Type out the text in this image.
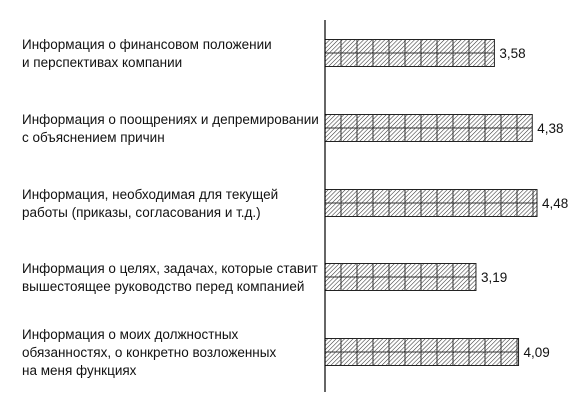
3,58
Информация о финансовом положении и перспективах компании
4,38
Информация о поощрениях и депремировании с объяснением причин
4,48
Информация, необходимая для текущей работы (приказы, согласования и т.д.)
3,19
Информация о целях, задачах, которые ставит вышестоящее руководство перед компанией
4,09
Информация о моих должностных обязанностях, о конкретно возложенных на меня функциях
